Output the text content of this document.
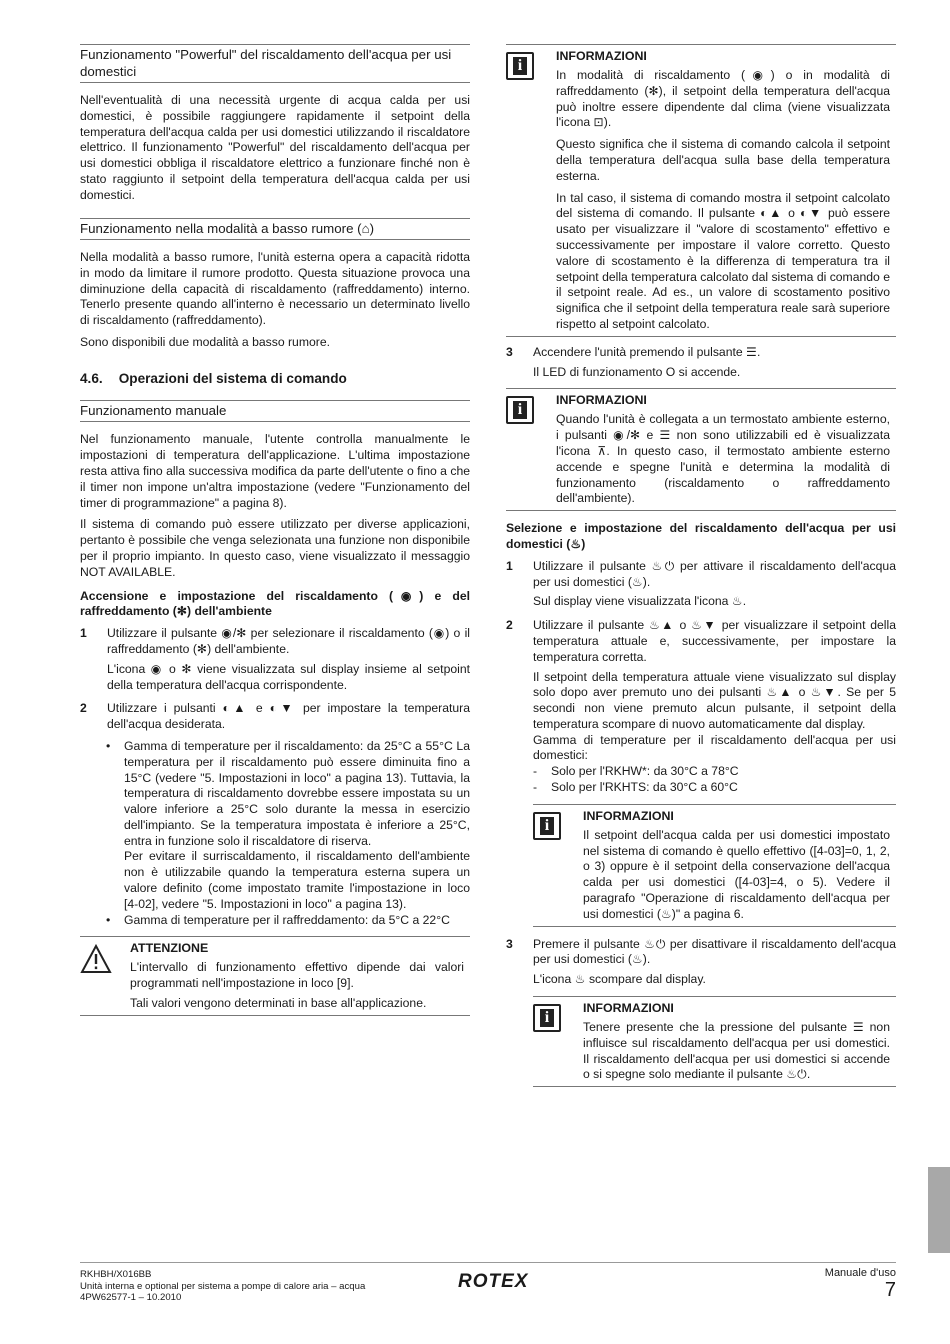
Funzionamento "Powerful" del riscaldamento dell'acqua per usi domestici

Nell'eventualità di una necessità urgente di acqua calda per usi domestici, è possibile raggiungere rapidamente il setpoint della temperatura dell'acqua calda per usi domestici utilizzando il riscaldatore elettrico. Il funzionamento "Powerful" del riscaldamento dell'acqua per usi domestici obbliga il riscaldatore elettrico a funzionare finché non è stato raggiunto il setpoint della temperatura dell'acqua calda per usi domestici.

Funzionamento nella modalità a basso rumore (⌂)

Nella modalità a basso rumore, l'unità esterna opera a capacità ridotta in modo da limitare il rumore prodotto. Questa situazione provoca una diminuzione della capacità di riscaldamento (raffreddamento) interno. Tenerlo presente quando all'interno è necessario un determinato livello di riscaldamento (raffreddamento).

Sono disponibili due modalità a basso rumore.

4.6. Operazioni del sistema di comando
Funzionamento manuale

Nel funzionamento manuale, l'utente controlla manualmente le impostazioni di temperatura dell'applicazione. L'ultima impostazione resta attiva fino alla successiva modifica da parte dell'utente o fino a che il timer non impone un'altra impostazione (vedere "Funzionamento del timer di programmazione" a pagina 8).

Il sistema di comando può essere utilizzato per diverse applicazioni, pertanto è possibile che venga selezionata una funzione non disponibile per il proprio impianto. In questo caso, viene visualizzato il messaggio NOT AVAILABLE.

Accensione e impostazione del riscaldamento (◉) e del raffreddamento (✻) dell'ambiente

1	Utilizzare il pulsante ◉/✻ per selezionare il riscaldamento (◉) o il raffreddamento (✻) dell'ambiente.

L'icona ◉ o ✻ viene visualizzata sul display insieme al setpoint della temperatura dell'acqua corrispondente.

2	Utilizzare i pulsanti ◐▲ e ◐▼ per impostare la temperatura dell'acqua desiderata.

•	Gamma di temperature per il riscaldamento: da 25°C a 55°C La temperatura per il riscaldamento può essere diminuita fino a 15°C (vedere "5. Impostazioni in loco" a pagina 13). Tuttavia, la temperatura di riscaldamento dovrebbe essere impostata su un valore inferiore a 25°C solo durante la messa in esercizio dell'impianto. Se la temperatura impostata è inferiore a 25°C, entra in funzione solo il riscaldatore di riserva.

Per evitare il surriscaldamento, il riscaldamento dell'ambiente non è utilizzabile quando la temperatura esterna supera un valore definito (come impostato tramite l'impostazione in loco [4-02], vedere "5. Impostazioni in loco" a pagina 13).

•	Gamma di temperature per il raffreddamento: da 5°C a 22°C

ATTENZIONE

L'intervallo di funzionamento effettivo dipende dai valori programmati nell'impostazione in loco [9].

Tali valori vengono determinati in base all'applicazione.

i
INFORMAZIONI

In modalità di riscaldamento (◉) o in modalità di raffreddamento (✻), il setpoint della temperatura dell'acqua può inoltre essere dipendente dal clima (viene visualizzata l'icona ⊡).

Questo significa che il sistema di comando calcola il setpoint della temperatura dell'acqua sulla base della temperatura esterna.

In tal caso, il sistema di comando mostra il setpoint calcolato del sistema di comando. Il pulsante ◐▲ o ◐▼ può essere usato per visualizzare il "valore di scostamento" effettivo e successivamente per impostare il valore corretto. Questo valore di scostamento è la differenza di temperatura tra il setpoint della temperatura calcolato dal sistema di comando e il setpoint reale. Ad es., un valore di scostamento positivo significa che il setpoint della temperatura reale sarà superiore rispetto al setpoint calcolato.

3	Accendere l'unità premendo il pulsante ☰.

Il LED di funzionamento O si accende.

i
INFORMAZIONI

Quando l'unità è collegata a un termostato ambiente esterno, i pulsanti ◉/✻ e ☰ non sono utilizzabili ed è visualizzata l'icona ⊼. In questo caso, il termostato ambiente esterno accende e spegne l'unità e determina la modalità di funzionamento (riscaldamento o raffreddamento dell'ambiente).

Selezione e impostazione del riscaldamento dell'acqua per usi domestici (♨)

1	Utilizzare il pulsante ♨⏻ per attivare il riscaldamento dell'acqua per usi domestici (♨).

Sul display viene visualizzata l'icona ♨.

2	Utilizzare il pulsante ♨▲ o ♨▼ per visualizzare il setpoint della temperatura attuale e, successivamente, per impostare la temperatura corretta.

Il setpoint della temperatura attuale viene visualizzato sul display solo dopo aver premuto uno dei pulsanti ♨▲ o ♨▼. Se per 5 secondi non viene premuto alcun pulsante, il setpoint della temperatura scompare di nuovo automaticamente dal display.

Gamma di temperature per il riscaldamento dell'acqua per usi domestici:

-	Solo per l'RKHW*: da 30°C a 78°C

-	Solo per l'RKHTS: da 30°C a 60°C

i
INFORMAZIONI

Il setpoint dell'acqua calda per usi domestici impostato nel sistema di comando è quello effettivo ([4-03]=0, 1, 2, o 3) oppure è il setpoint della conservazione dell'acqua calda per usi domestici ([4-03]=4, o 5). Vedere il paragrafo "Operazione di riscaldamento dell'acqua per usi domestici (♨)" a pagina 6.

3	Premere il pulsante ♨⏻ per disattivare il riscaldamento dell'acqua per usi domestici (♨).

L'icona ♨ scompare dal display.

i
INFORMAZIONI

Tenere presente che la pressione del pulsante ☰ non influisce sul riscaldamento dell'acqua per usi domestici. Il riscaldamento dell'acqua per usi domestici si accende o si spegne solo mediante il pulsante ♨⏻.

RKHBH/X016BB
Unità interna e optional per sistema a pompe di calore aria – acqua
4PW62577-1 – 10.2010
ROTEX	Manuale d'uso
7
